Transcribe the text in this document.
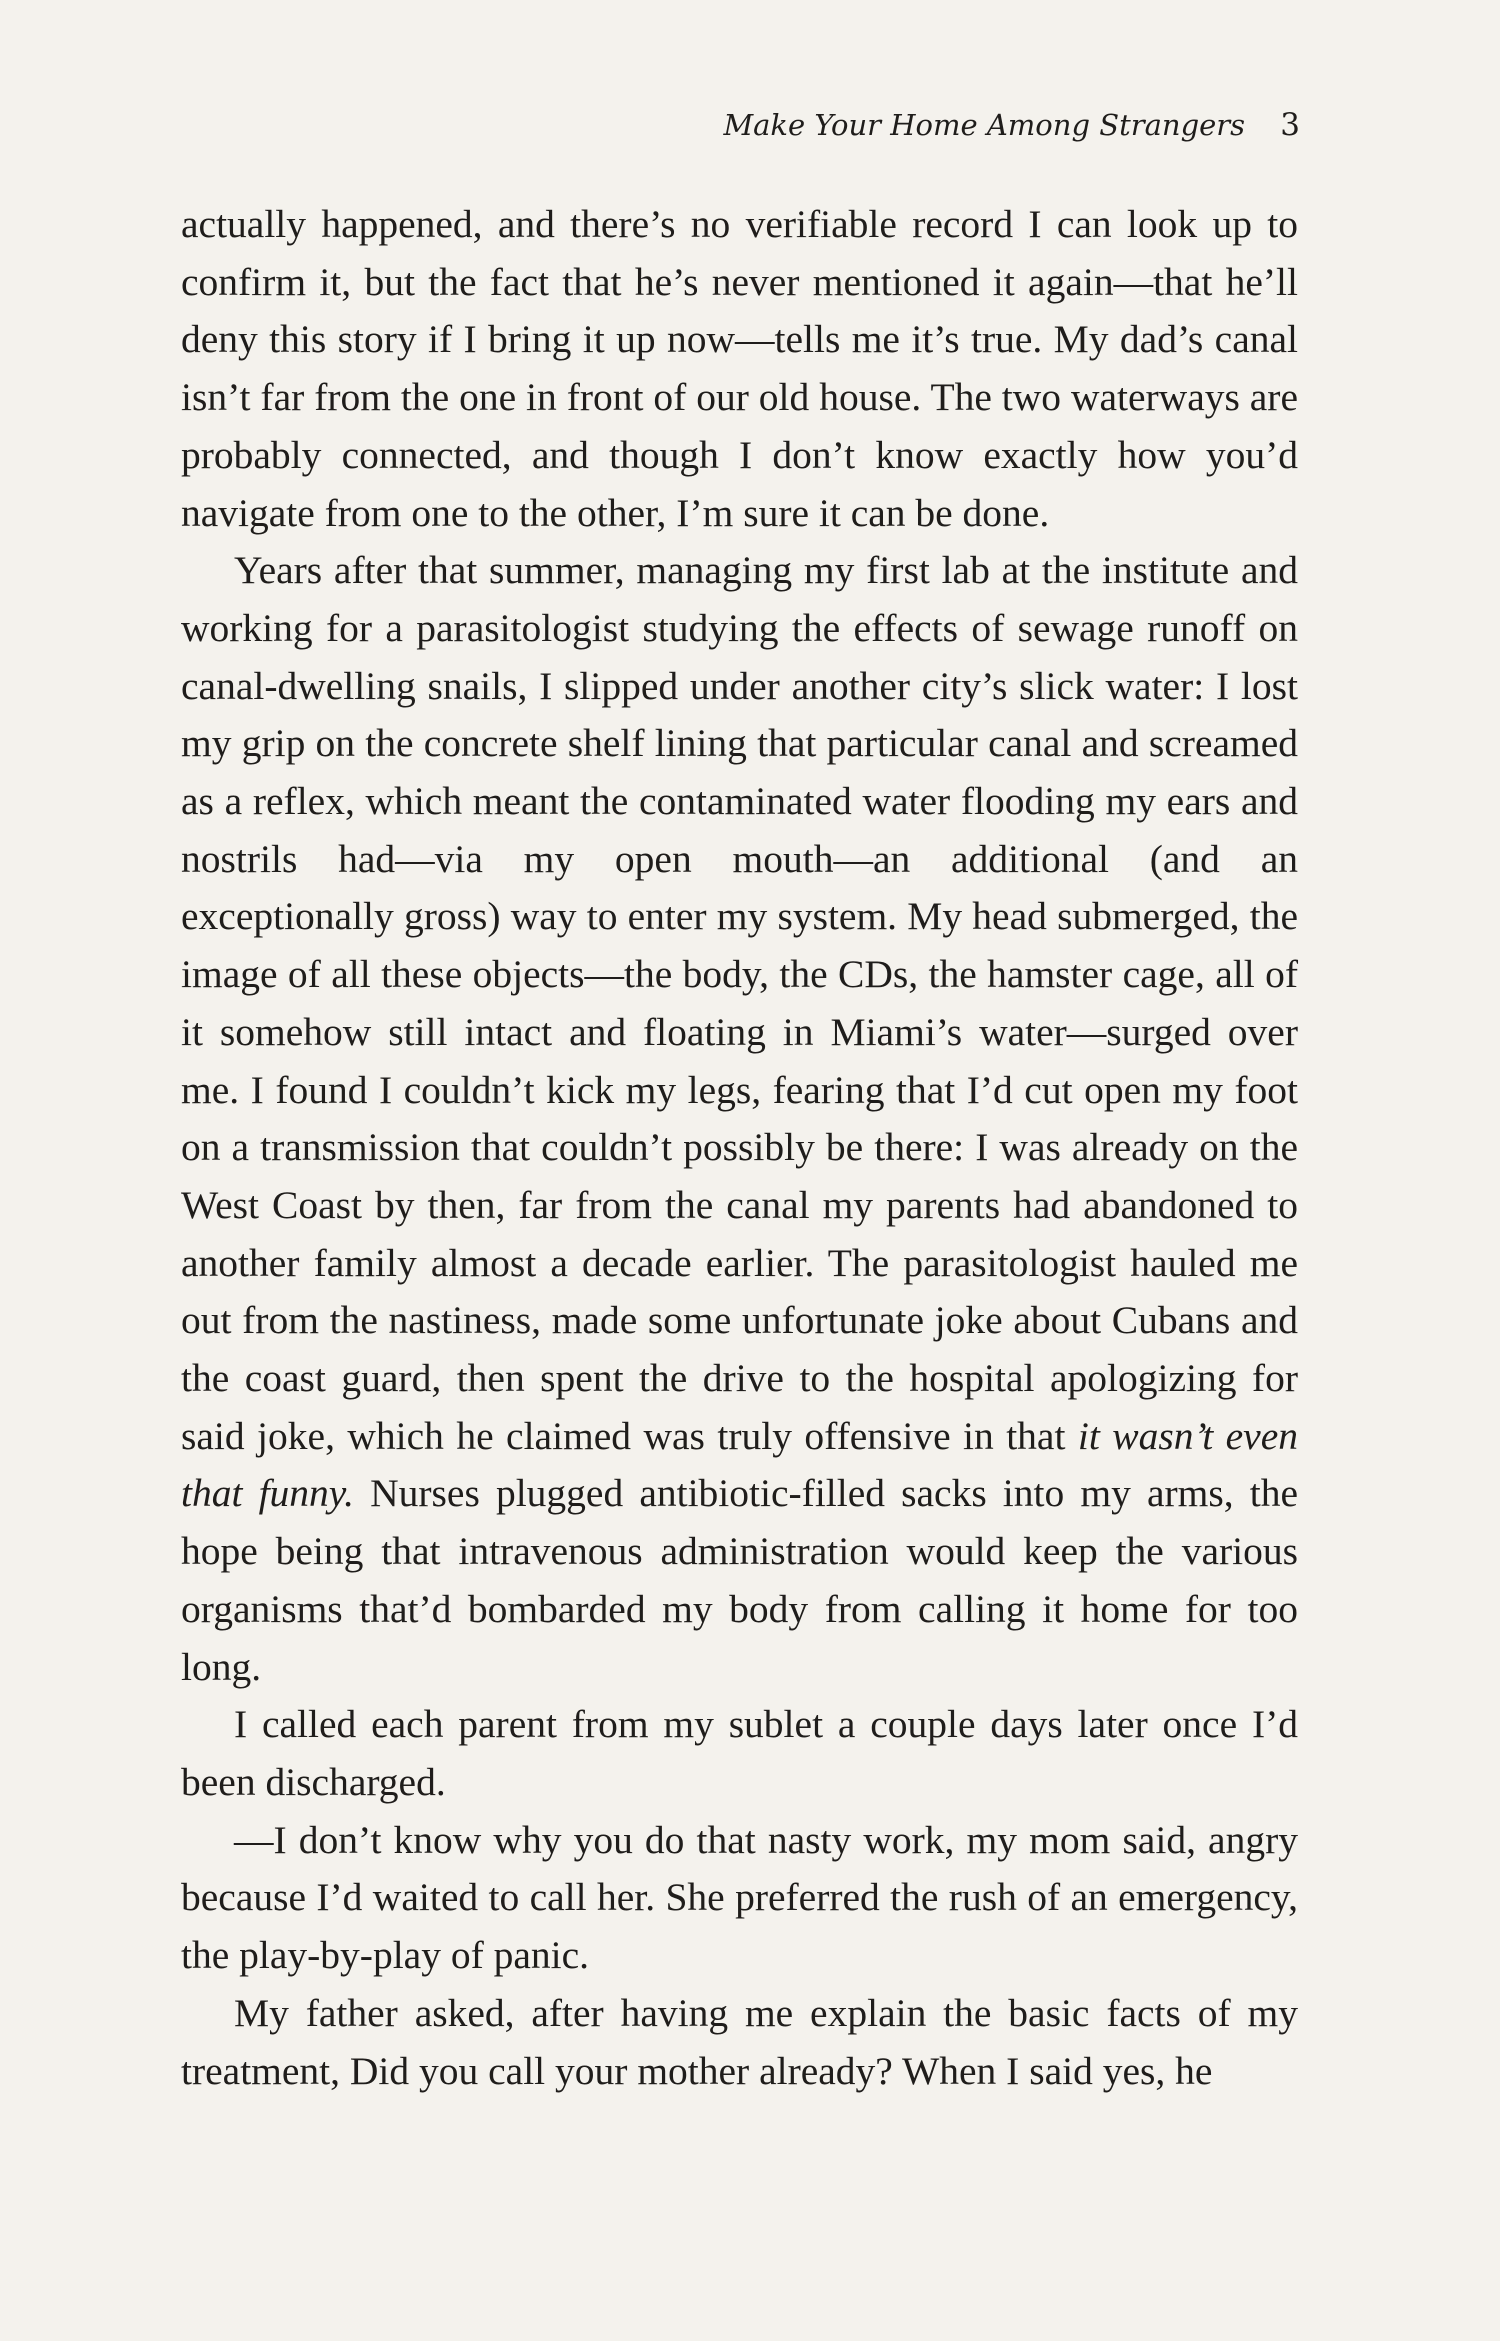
Make Your Home Among Strangers 3

actually happened, and there’s no verifiable record I can look up to confirm it, but the fact that he’s never mentioned it again—that he’ll deny this story if I bring it up now—tells me it’s true. My dad’s canal isn’t far from the one in front of our old house. The two waterways are probably connected, and though I don’t know exactly how you’d navigate from one to the other, I’m sure it can be done.

Years after that summer, managing my first lab at the institute and working for a parasitologist studying the effects of sewage runoff on canal-dwelling snails, I slipped under another city’s slick water: I lost my grip on the concrete shelf lining that particular canal and screamed as a reflex, which meant the contaminated water flooding my ears and nostrils had—via my open mouth—an additional (and an exceptionally gross) way to enter my system. My head submerged, the image of all these objects—the body, the CDs, the hamster cage, all of it somehow still intact and floating in Miami’s water—surged over me. I found I couldn’t kick my legs, fearing that I’d cut open my foot on a transmission that couldn’t possibly be there: I was already on the West Coast by then, far from the canal my parents had abandoned to another family almost a decade earlier. The parasitologist hauled me out from the nastiness, made some unfortunate joke about Cubans and the coast guard, then spent the drive to the hospital apologizing for said joke, which he claimed was truly offensive in that it wasn’t even that funny. Nurses plugged antibiotic-filled sacks into my arms, the hope being that intravenous administration would keep the various organisms that’d bombarded my body from calling it home for too long.

I called each parent from my sublet a couple days later once I’d been discharged.

—I don’t know why you do that nasty work, my mom said, angry because I’d waited to call her. She preferred the rush of an emergency, the play-by-play of panic.

My father asked, after having me explain the basic facts of my treatment, Did you call your mother already? When I said yes, he
